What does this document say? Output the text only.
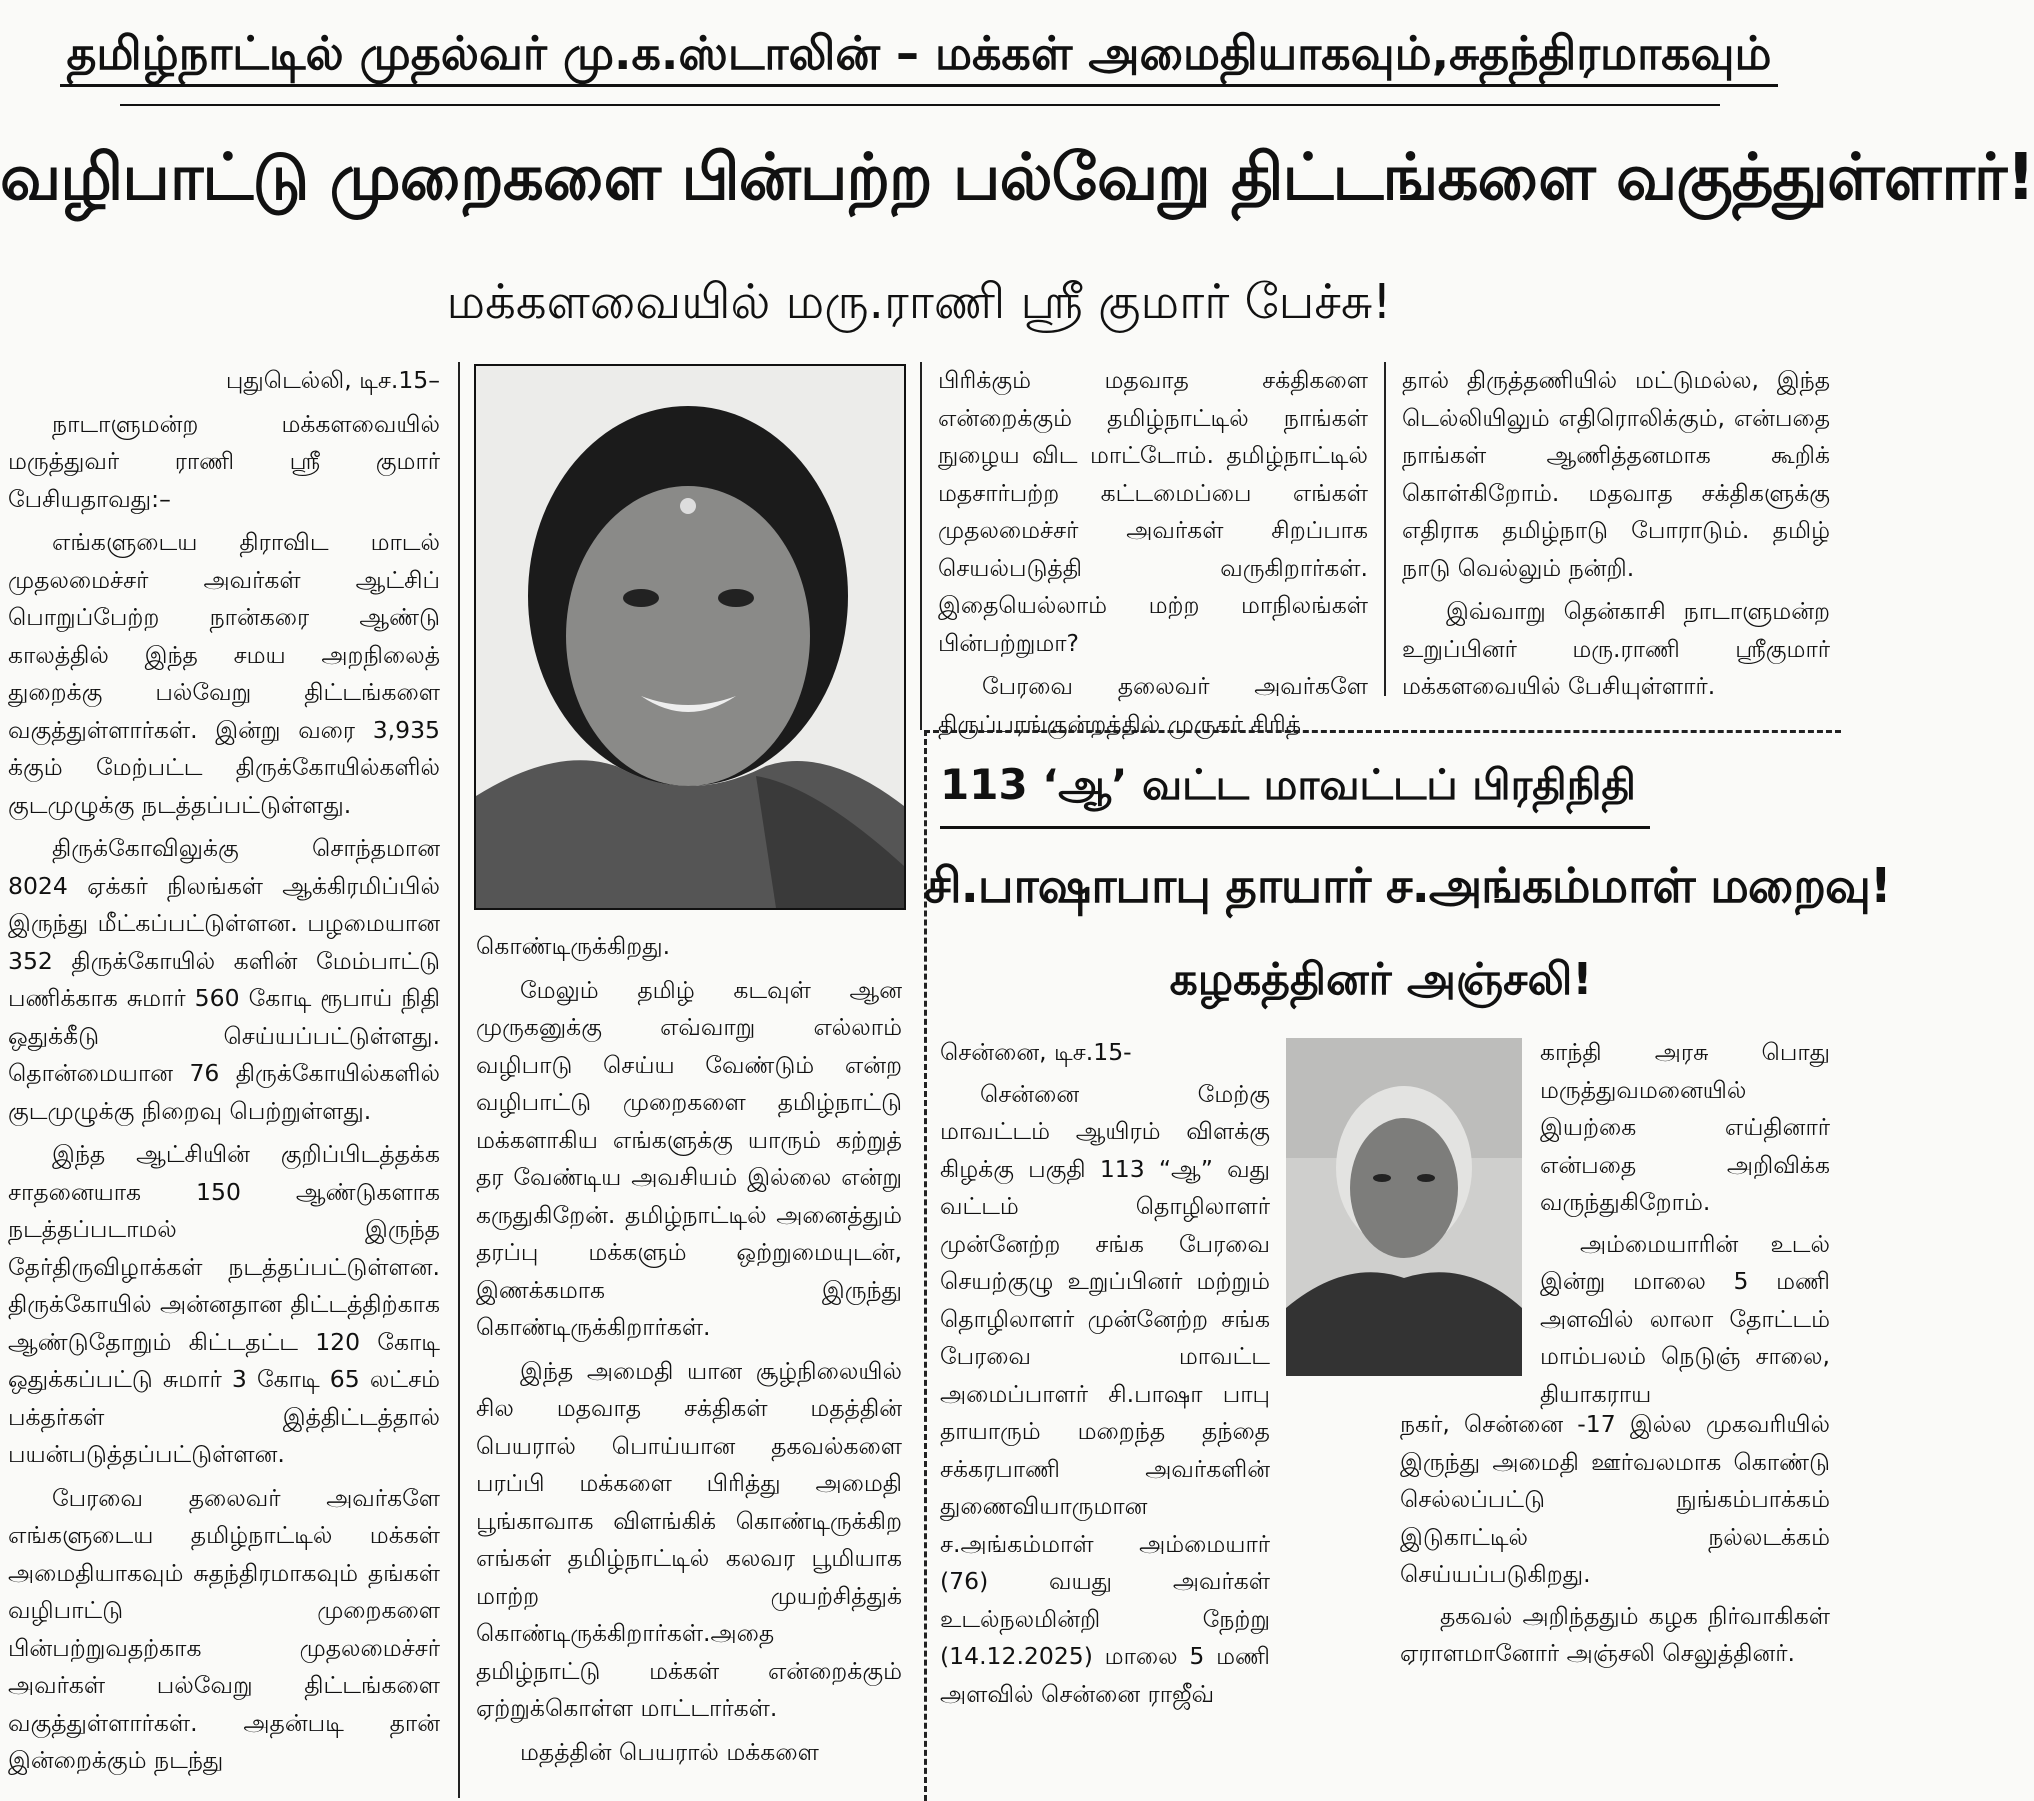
தமிழ்நாட்டில் முதல்வர் மு.க.ஸ்டாலின் – மக்கள் அமைதியாகவும்,சுதந்திரமாகவும்
வழிபாட்டு முறைகளை பின்பற்ற பல்வேறு திட்டங்களை வகுத்துள்ளார்!
மக்களவையில் மரு.ராணி ஸ்ரீ குமார் பேச்சு!

புதுடெல்லி, டிச.15–

நாடாளுமன்ற மக்களவையில் மருத்துவர் ராணி ஸ்ரீ குமார் பேசியதாவது:–

எங்களுடைய திராவிட மாடல் முதலமைச்சர் அவர்கள் ஆட்சிப் பொறுப்பேற்ற நான்கரை ஆண்டு காலத்தில் இந்த சமய அறநிலைத் துறைக்கு பல்வேறு திட்டங்களை வகுத்துள்ளார்கள். இன்று வரை 3,935 க்கும் மேற்பட்ட திருக்கோயில்களில் குடமுழுக்கு நடத்தப்பட்டுள்ளது.

திருக்கோவிலுக்கு சொந்தமான 8024 ஏக்கர் நிலங்கள் ஆக்கிரமிப்பில் இருந்து மீட்கப்பட்டுள்ளன. பழமையான 352 திருக்கோயில் களின் மேம்பாட்டு பணிக்காக சுமார் 560 கோடி ரூபாய் நிதி ஒதுக்கீடு செய்யப்பட்டுள்ளது. தொன்மையான 76 திருக்கோயில்களில் குடமுழுக்கு நிறைவு பெற்றுள்ளது.

இந்த ஆட்சியின் குறிப்பிடத்தக்க சாதனையாக 150 ஆண்டுகளாக நடத்தப்படாமல் இருந்த தேர்திருவிழாக்கள் நடத்தப்பட்டுள்ளன. திருக்கோயில் அன்னதான திட்டத்திற்காக ஆண்டுதோறும் கிட்டதட்ட 120 கோடி ஒதுக்கப்பட்டு சுமார் 3 கோடி 65 லட்சம் பக்தர்கள் இத்திட்டத்தால் பயன்படுத்தப்பட்டுள்ளன.

பேரவை தலைவர் அவர்களே எங்களுடைய தமிழ்நாட்டில் மக்கள் அமைதியாகவும் சுதந்திரமாகவும் தங்கள் வழிபாட்டு முறைகளை பின்பற்றுவதற்காக முதலமைச்சர் அவர்கள் பல்வேறு திட்டங்களை வகுத்துள்ளார்கள். அதன்படி தான் இன்றைக்கும் நடந்து

கொண்டிருக்கிறது.

மேலும் தமிழ் கடவுள் ஆன முருகனுக்கு எவ்வாறு எல்லாம் வழிபாடு செய்ய வேண்டும் என்ற வழிபாட்டு முறைகளை தமிழ்நாட்டு மக்களாகிய எங்களுக்கு யாரும் கற்றுத் தர வேண்டிய அவசியம் இல்லை என்று கருதுகிறேன். தமிழ்நாட்டில் அனைத்தும் தரப்பு மக்களும் ஒற்றுமையுடன், இணக்கமாக இருந்து கொண்டிருக்கிறார்கள்.

இந்த அமைதி யான சூழ்நிலையில் சில மதவாத சக்திகள் மதத்தின் பெயரால் பொய்யான தகவல்களை பரப்பி மக்களை பிரித்து அமைதி பூங்காவாக விளங்கிக் கொண்டிருக்கிற எங்கள் தமிழ்நாட்டில் கலவர பூமியாக மாற்ற முயற்சித்துக் கொண்டிருக்கிறார்கள்.அதை தமிழ்நாட்டு மக்கள் என்றைக்கும் ஏற்றுக்கொள்ள மாட்டார்கள்.

மதத்தின் பெயரால் மக்களை

பிரிக்கும் மதவாத சக்திகளை என்றைக்கும் தமிழ்நாட்டில் நாங்கள் நுழைய விட மாட்டோம். தமிழ்நாட்டில் மதசார்பற்ற கட்டமைப்பை எங்கள் முதலமைச்சர் அவர்கள் சிறப்பாக செயல்படுத்தி வருகிறார்கள். இதையெல்லாம் மற்ற மாநிலங்கள் பின்பற்றுமா?

பேரவை தலைவர் அவர்களே திருப்பரங்குன்றத்தில் முருகர் சிரித்

தால் திருத்தணியில் மட்டுமல்ல, இந்த டெல்லியிலும் எதிரொலிக்கும், என்பதை நாங்கள் ஆணித்தனமாக கூறிக் கொள்கிறோம். மதவாத சக்திகளுக்கு எதிராக தமிழ்நாடு போராடும். தமிழ் நாடு வெல்லும் நன்றி.

இவ்வாறு தென்காசி நாடாளுமன்ற உறுப்பினர் மரு.ராணி ஸ்ரீகுமார் மக்களவையில் பேசியுள்ளார்.

113 ‘ஆ’ வட்ட மாவட்டப் பிரதிநிதி
சி.பாஷாபாபு தாயார் ச.அங்கம்மாள் மறைவு!
கழகத்தினர் அஞ்சலி!

சென்னை, டிச.15-

சென்னை மேற்கு மாவட்டம் ஆயிரம் விளக்கு கிழக்கு பகுதி 113 “ஆ” வது வட்டம் தொழிலாளர் முன்னேற்ற சங்க பேரவை செயற்குழு உறுப்பினர் மற்றும் தொழிலாளர் முன்னேற்ற சங்க பேரவை மாவட்ட அமைப்பாளர் சி.பாஷா பாபு தாயாரும் மறைந்த தந்தை சக்கரபாணி அவர்களின் துணைவியாருமான ச.அங்கம்மாள் அம்மையார் (76) வயது அவர்கள் உடல்நலமின்றி நேற்று (14.12.2025) மாலை 5 மணி அளவில் சென்னை ராஜீவ்

காந்தி அரசு பொது மருத்துவமனையில் இயற்கை எய்தினார் என்பதை அறிவிக்க வருந்துகிறோம்.

அம்மையாரின் உடல் இன்று மாலை 5 மணி அளவில் லாலா தோட்டம் மாம்பலம் நெடுஞ் சாலை, தியாகராய

நகர், சென்னை -17 இல்ல முகவரியில் இருந்து அமைதி ஊர்வலமாக கொண்டு செல்லப்பட்டு நுங்கம்பாக்கம் இடுகாட்டில் நல்லடக்கம் செய்யப்படுகிறது.

தகவல் அறிந்ததும் கழக நிர்வாகிகள் ஏராளமானோர் அஞ்சலி செலுத்தினர்.
